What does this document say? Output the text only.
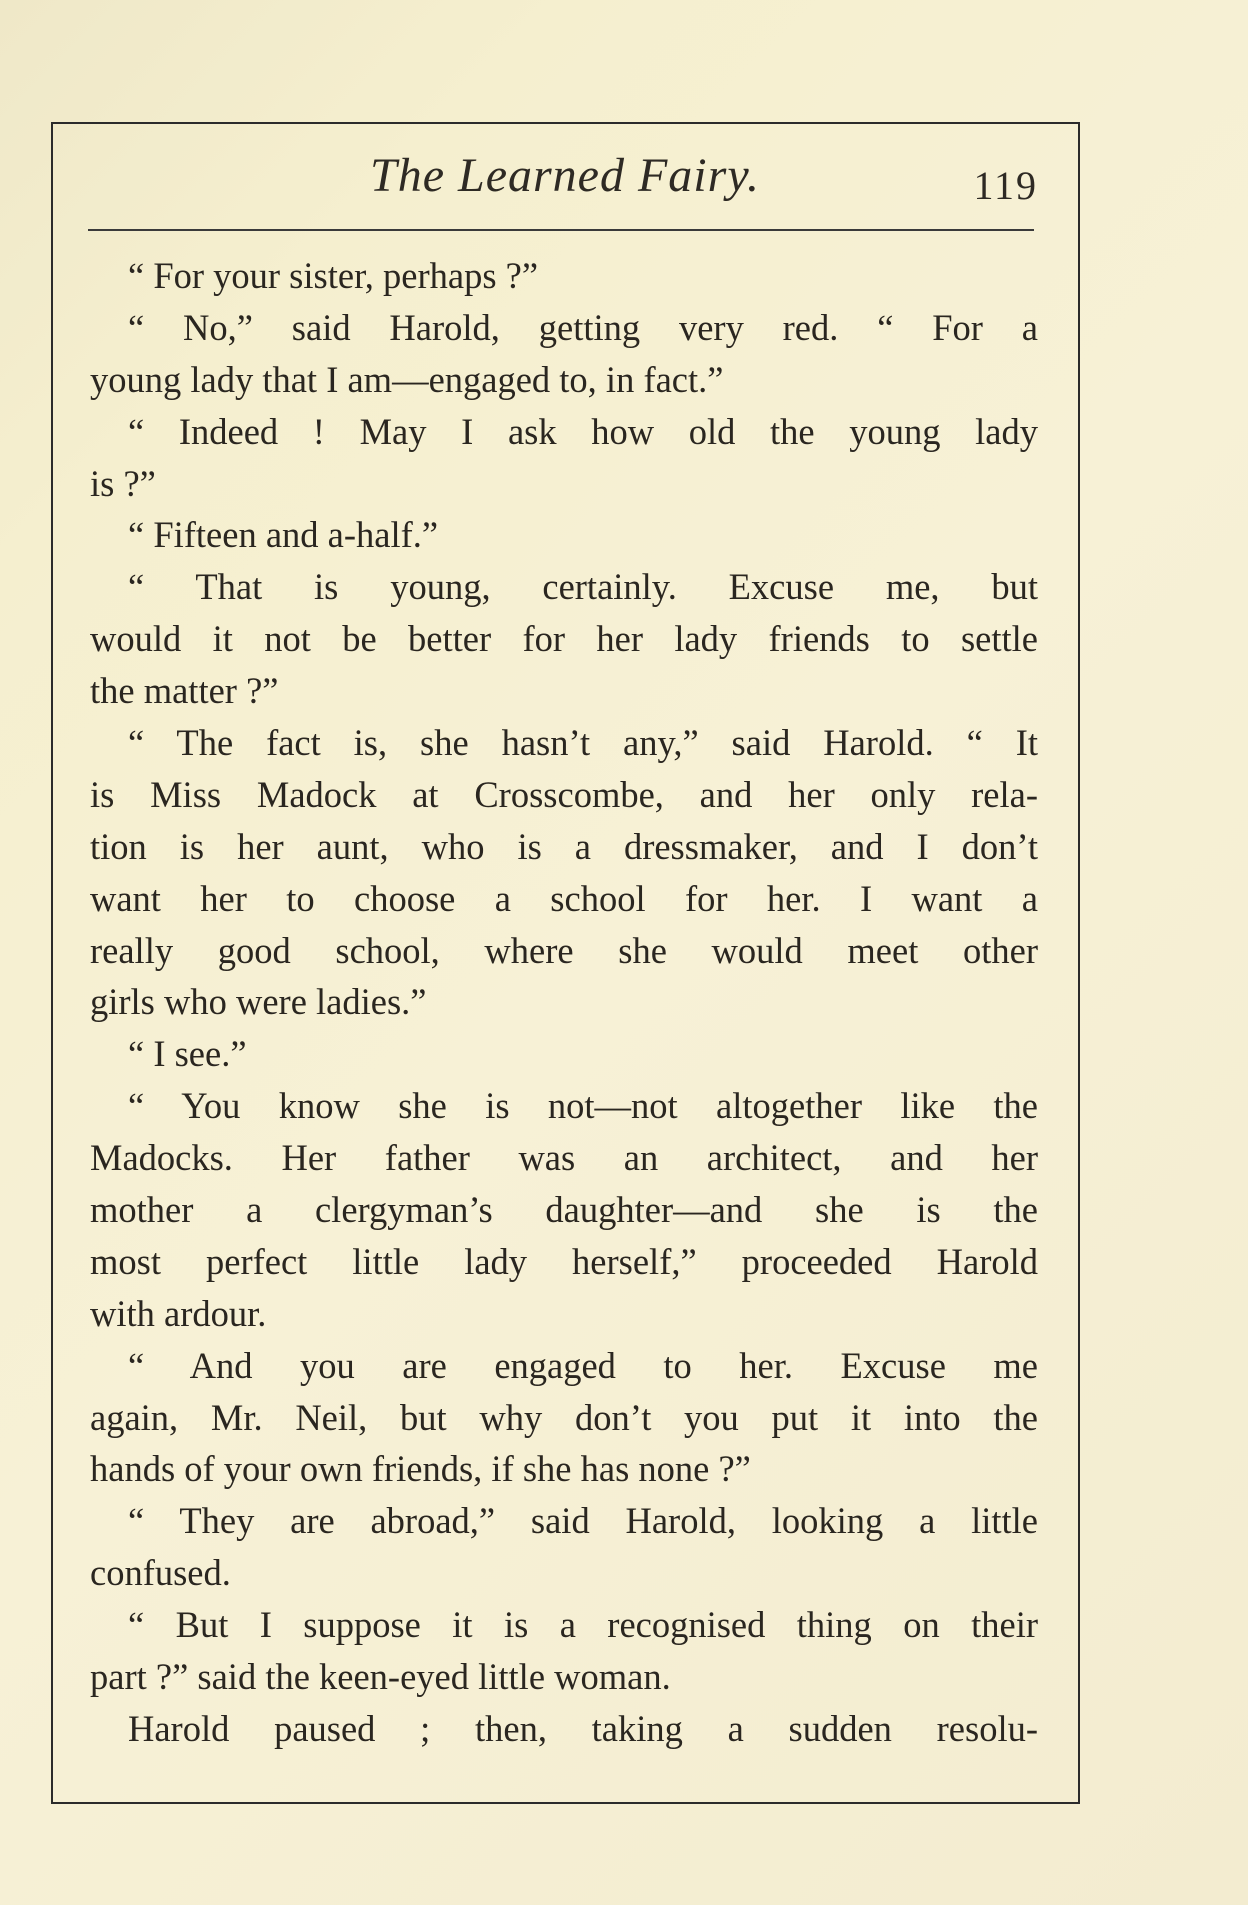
The Learned Fairy.	119
“ For your sister, perhaps ?”
“ No,” said Harold, getting very red. “ For a
young lady that I am—engaged to, in fact.”
“ Indeed ! May I ask how old the young lady
is ?”
“ Fifteen and a-half.”
“ That is young, certainly. Excuse me, but
would it not be better for her lady friends to settle
the matter ?”
“ The fact is, she hasn’t any,” said Harold. “ It
is Miss Madock at Crosscombe, and her only rela-
tion is her aunt, who is a dressmaker, and I don’t
want her to choose a school for her. I want a
really good school, where she would meet other
girls who were ladies.”
“ I see.”
“ You know she is not—not altogether like the
Madocks. Her father was an architect, and her
mother a clergyman’s daughter—and she is the
most perfect little lady herself,” proceeded Harold
with ardour.
“ And you are engaged to her. Excuse me
again, Mr. Neil, but why don’t you put it into the
hands of your own friends, if she has none ?”
“ They are abroad,” said Harold, looking a little
confused.
“ But I suppose it is a recognised thing on their
part ?” said the keen-eyed little woman.
Harold paused ; then, taking a sudden resolu-
